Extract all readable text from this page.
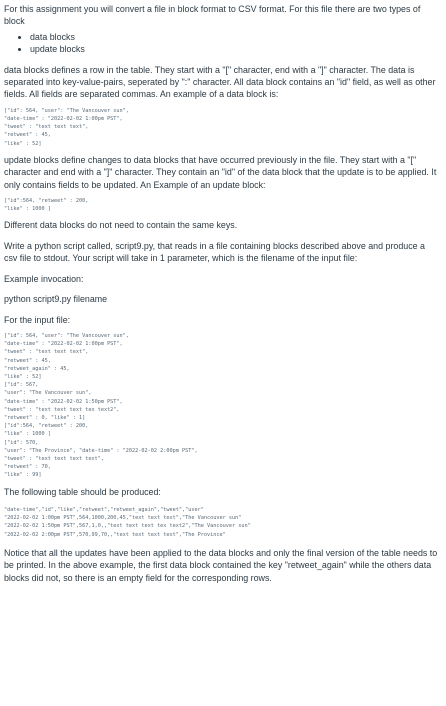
For this assignment you will convert a file in block format to CSV format. For this file there are two types of block

• data blocks
• update blocks

data blocks defines a row in the table. They start with a "[" character, end with a "]" character. The data is separated into key-value-pairs, seperated by ":" character. All data block contains an "id" field, as well as other fields. All fields are separated commas. An example of a data block is:

["id": 564, "user": "The Vancouver sun",
"date-time" : "2022-02-02 1:00pm PST",
"tweet" : "text text text",
"retweet" : 45,
"like" : 52]

update blocks define changes to data blocks that have occurred previously in the file. They start with a "[" character and end with a "]" character. They contain an "id" of the data block that the update is to be applied. It only contains fields to be updated. An Example of an update block:

["id":564, "retweet" : 200,
"like" : 1000 ]

Different data blocks do not need to contain the same keys.

Write a python script called, script9.py, that reads in a file containing blocks described above and produce a csv file to stdout. Your script will take in 1 parameter, which is the filename of the input file:

Example invocation:

python script9.py filename

For the input file:

["id": 564, "user": "The Vancouver sun",
"date-time" : "2022-02-02 1:00pm PST",
"tweet" : "text text text",
"retweet" : 45,
"retweet_again" : 45,
"like" : 52]
["id": 567,
"user": "The Vancouver sun",
"date-time" : "2022-02-02 1:50pm PST",
"tweet" : "text text text tex text2",
"retweet" : 0, "like" : 1]
["id":564, "retweet" : 200,
"like" : 1000 ]
["id": 570,
"user": "The Province", "date-time" : "2022-02-02 2:00pm PST",
"tweet" : "text text text text",
"retweet" : 70,
"like" : 99]

The following table should be produced:

"date-time","id","like","retweet","retweet_again","tweet","user"
"2022-02-02 1:00pm PST",564,1000,200,45,"text text text","The Vancouver sun"
"2022-02-02 1:50pm PST",567,1,0,,"text text text tex text2","The Vancouver sun"
"2022-02-02 2:00pm PST",570,99,70,,"text text text text","The Province"

Notice that all the updates have been applied to the data blocks and only the final version of the table needs to be printed. In the above example, the first data block contained the key "retweet_again" while the others data blocks did not, so there is an empty field for the corresponding rows.
